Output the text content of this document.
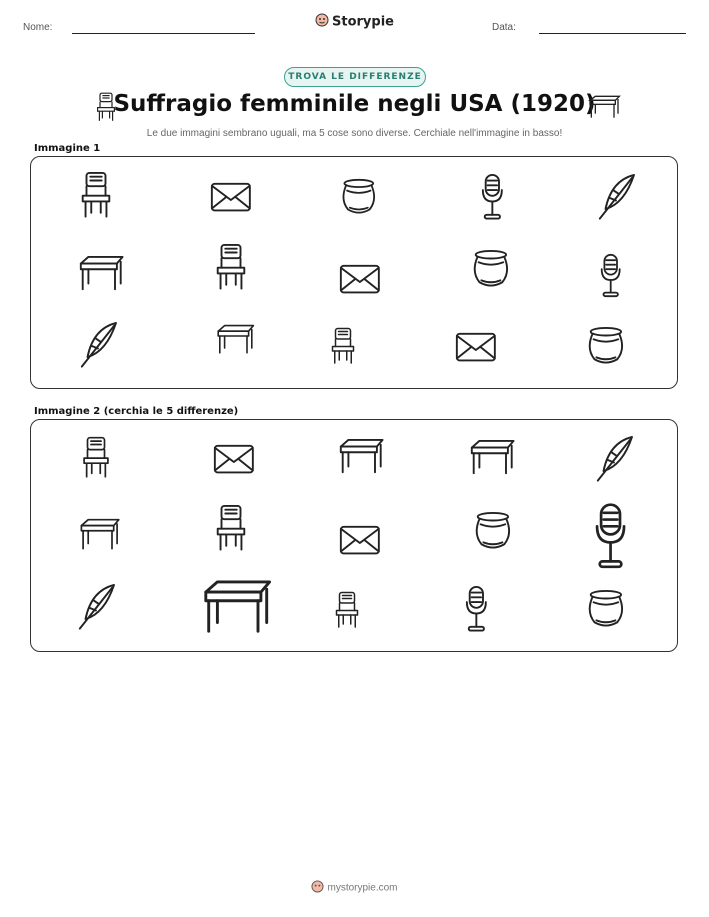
Nome:	Storypie	Data:
TROVA LE DIFFERENZE
Suffragio femminile negli USA (1920)
Le due immagini sembrano uguali, ma 5 cose sono diverse. Cerchiale nell'immagine in basso!
Immagine 1
Immagine 2 (cerchia le 5 differenze)
mystorypie.com
